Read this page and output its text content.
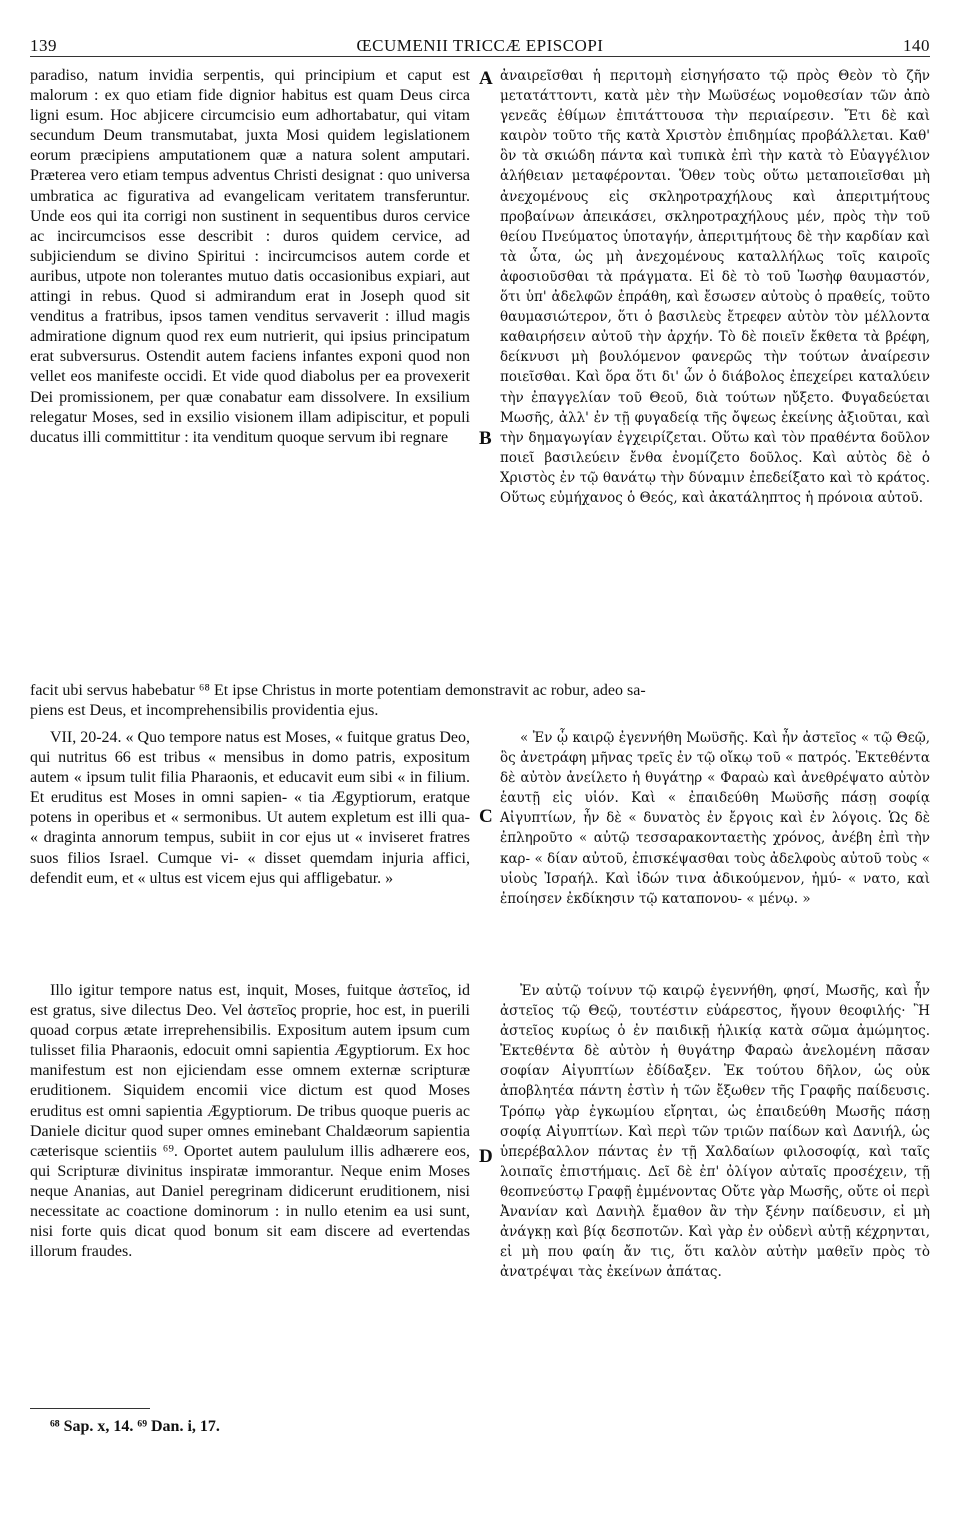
139	ŒCUMENII TRICCÆ EPISCOPI	140

paradiso, natum invidia serpentis, qui principium et caput est malorum : ex quo etiam fide dignior habitus est quam Deus circa ligni esum. Hoc abjicere circumcisio eum adhortabatur, qui vitam secundum Deum transmutabat, juxta Mosi quidem legislationem eorum præcipiens amputationem quæ a natura solent amputari. Præterea vero etiam tempus adventus Christi designat : quo universa umbratica ac figurativa ad evangelicam veritatem transferuntur. Unde eos qui ita corrigi non sustinent in sequentibus duros cervice ac incircumcisos esse describit : duros quidem cervice, ad subjiciendum se divino Spiritui : incircumcisos autem corde et auribus, utpote non tolerantes mutuo datis occasionibus expiari, aut attingi in rebus. Quod si admirandum erat in Joseph quod sit venditus a fratribus, ipsos tamen venditus servaverit : illud magis admiratione dignum quod rex eum nutrierit, qui ipsius principatum erat subversurus. Ostendit autem faciens infantes exponi quod non vellet eos manifeste occidi. Et vide quod diabolus per ea provexerit Dei promissionem, per quæ conabatur eam dissolvere. In exsilium relegatur Moses, sed in exsilio visionem illam adipiscitur, et populi ducatus illi committitur : ita venditum quoque servum ibi regnare

ἀναιρεῖσθαι ἡ περιτομὴ εἰσηγήσατο τῷ πρὸς Θεὸν τὸ ζῆν μετατάττοντι, κατὰ μὲν τὴν Μωϋσέως νομοθεσίαν τῶν ἀπὸ γενεᾶς ἐθίμων ἐπιτάττουσα τὴν περιαίρεσιν. Ἔτι δὲ καὶ καιρὸν τοῦτο τῆς κατὰ Χριστὸν ἐπιδημίας προβάλλεται. Καθ' ὃν τὰ σκιώδη πάντα καὶ τυπικὰ ἐπὶ τὴν κατὰ τὸ Εὐαγγέλιον ἀλήθειαν μεταφέρονται. Ὅθεν τοὺς οὕτω μεταποιεῖσθαι μὴ ἀνεχομένους εἰς σκληροτραχήλους καὶ ἀπεριτμήτους προβαίνων ἀπεικάσει, σκληροτραχήλους μέν, πρὸς τὴν τοῦ θείου Πνεύματος ὑποταγήν, ἀπεριτμήτους δὲ τὴν καρδίαν καὶ τὰ ὦτα, ὡς μὴ ἀνεχομένους καταλλήλως τοῖς καιροῖς ἀφοσιοῦσθαι τὰ πράγματα. Εἰ δὲ τὸ τοῦ Ἰωσὴφ θαυμαστόν, ὅτι ὑπ' ἀδελφῶν ἐπράθη, καὶ ἔσωσεν αὐτοὺς ὁ πραθείς, τοῦτο θαυμασιώτερον, ὅτι ὁ βασιλεὺς ἔτρεφεν αὐτὸν τὸν μέλλοντα καθαιρήσειν αὐτοῦ τὴν ἀρχήν. Τὸ δὲ ποιεῖν ἔκθετα τὰ βρέφη, δείκνυσι μὴ βουλόμενον φανερῶς τὴν τούτων ἀναίρεσιν ποιεῖσθαι. Καὶ ὅρα ὅτι δι' ὧν ὁ διάβολος ἐπεχείρει καταλύειν τὴν ἐπαγγελίαν τοῦ Θεοῦ, διὰ τούτων ηὔξετο. Φυγαδεύεται Μωσῆς, ἀλλ' ἐν τῇ φυγαδείᾳ τῆς ὄψεως ἐκείνης ἀξιοῦται, καὶ τὴν δημαγωγίαν ἐγχειρίζεται. Οὕτω καὶ τὸν πραθέντα δοῦλον ποιεῖ βασιλεύειν ἔνθα ἐνομίζετο δοῦλος. Καὶ αὐτὸς δὲ ὁ Χριστὸς ἐν τῷ θανάτῳ τὴν δύναμιν ἐπεδείξατο καὶ τὸ κράτος. Οὕτως εὐμήχανος ὁ Θεός, καὶ ἀκατάληπτος ἡ πρόνοια αὐτοῦ.

A
B
C
D
facit ubi servus habebatur ⁶⁸ Et ipse Christus in morte potentiam demonstravit ac robur, adeo sa-
piens est Deus, et incomprehensibilis providentia ejus.

VII, 20-24. « Quo tempore natus est Moses, « fuitque gratus Deo, qui nutritus 66 est tribus « mensibus in domo patris, expositum autem « ipsum tulit filia Pharaonis, et educavit eum sibi « in filium. Et eruditus est Moses in omni sapien- « tia Ægyptiorum, eratque potens in operibus et « sermonibus. Ut autem expletum est illi qua- « draginta annorum tempus, subiit in cor ejus ut « inviseret fratres suos filios Israel. Cumque vi- « disset quemdam injuria affici, defendit eum, et « ultus est vicem ejus qui affligebatur. »

« Ἐν ᾧ καιρῷ ἐγεννήθη Μωϋσῆς. Καὶ ἦν ἀστεῖος « τῷ Θεῷ, ὃς ἀνετράφη μῆνας τρεῖς ἐν τῷ οἴκῳ τοῦ « πατρός. Ἐκτεθέντα δὲ αὐτὸν ἀνείλετο ἡ θυγάτηρ « Φαραὼ καὶ ἀνεθρέψατο αὐτὸν ἑαυτῇ εἰς υἱόν. Καὶ « ἐπαιδεύθη Μωϋσῆς πάσῃ σοφίᾳ Αἰγυπτίων, ἦν δὲ « δυνατὸς ἐν ἔργοις καὶ ἐν λόγοις. Ὡς δὲ ἐπληροῦτο « αὐτῷ τεσσαρακονταετὴς χρόνος, ἀνέβη ἐπὶ τὴν καρ- « δίαν αὐτοῦ, ἐπισκέψασθαι τοὺς ἀδελφοὺς αὐτοῦ τοὺς « υἱοὺς Ἰσραήλ. Καὶ ἰδών τινα ἀδικούμενον, ἠμύ- « νατο, καὶ ἐποίησεν ἐκδίκησιν τῷ καταπονου- « μένῳ. »

Illo igitur tempore natus est, inquit, Moses, fuitque ἀστεῖος, id est gratus, sive dilectus Deo. Vel ἀστεῖος proprie, hoc est, in puerili quoad corpus ætate irreprehensibilis. Expositum autem ipsum cum tulisset filia Pharaonis, edocuit omni sapientia Ægyptiorum. Ex hoc manifestum est non ejiciendam esse omnem externæ scripturæ eruditionem. Siquidem encomii vice dictum est quod Moses eruditus est omni sapientia Ægyptiorum. De tribus quoque pueris ac Daniele dicitur quod super omnes eminebant Chaldæorum sapientia cæterisque scientiis ⁶⁹. Oportet autem paululum illis adhærere eos, qui Scripturæ divinitus inspiratæ immorantur. Neque enim Moses neque Ananias, aut Daniel peregrinam didicerunt eruditionem, nisi necessitate ac coactione dominorum : in nullo etenim ea usi sunt, nisi forte quis dicat quod bonum sit eam discere ad evertendas illorum fraudes.

Ἐν αὐτῷ τοίνυν τῷ καιρῷ ἐγεννήθη, φησί, Μωσῆς, καὶ ἦν ἀστεῖος τῷ Θεῷ, τουτέστιν εὐάρεστος, ἤγουν θεοφιλής· Ἢ ἀστεῖος κυρίως ὁ ἐν παιδικῇ ἡλικίᾳ κατὰ σῶμα ἀμώμητος. Ἐκτεθέντα δὲ αὐτὸν ἡ θυγάτηρ Φαραὼ ἀνελομένη πᾶσαν σοφίαν Αἰγυπτίων ἐδίδαξεν. Ἐκ τούτου δῆλον, ὡς οὐκ ἀποβλητέα πάντη ἐστὶν ἡ τῶν ἔξωθεν τῆς Γραφῆς παίδευσις. Τρόπῳ γὰρ ἐγκωμίου εἴρηται, ὡς ἐπαιδεύθη Μωσῆς πάσῃ σοφίᾳ Αἰγυπτίων. Καὶ περὶ τῶν τριῶν παίδων καὶ Δανιήλ, ὡς ὑπερέβαλλον πάντας ἐν τῇ Χαλδαίων φιλοσοφίᾳ, καὶ ταῖς λοιπαῖς ἐπιστήμαις. Δεῖ δὲ ἐπ' ὀλίγον αὐταῖς προσέχειν, τῇ θεοπνεύστῳ Γραφῇ ἐμμένοντας Οὔτε γὰρ Μωσῆς, οὔτε οἱ περὶ Ἀνανίαν καὶ Δανιὴλ ἔμαθον ἂν τὴν ξένην παίδευσιν, εἰ μὴ ἀνάγκῃ καὶ βίᾳ δεσποτῶν. Καὶ γὰρ ἐν οὐδενὶ αὐτῇ κέχρηνται, εἰ μὴ που φαίη ἄν τις, ὅτι καλὸν αὐτὴν μαθεῖν πρὸς τὸ ἀνατρέψαι τὰς ἐκείνων ἀπάτας.

⁶⁸ Sap. x, 14. ⁶⁹ Dan. i, 17.
